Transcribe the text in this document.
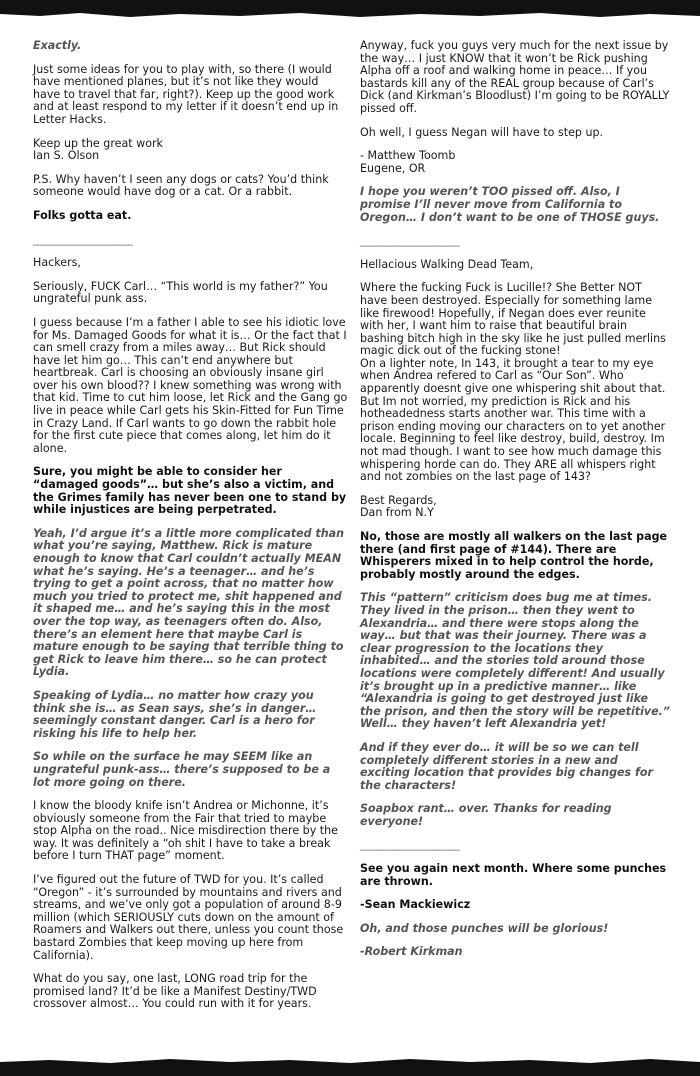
Exactly.

Just some ideas for you to play with, so there (I would have mentioned planes, but it’s not like they would have to travel that far, right?). Keep up the good work and at least respond to my letter if it doesn’t end up in Letter Hacks.

Keep up the great work
Ian S. Olson

P.S. Why haven’t I seen any dogs or cats? You’d think someone would have dog or a cat. Or a rabbit.

Folks gotta eat.

__________________

Hackers,

Seriously, FUCK Carl… “This world is my father?” You ungrateful punk ass.

I guess because I’m a father I able to see his idiotic love for Ms. Damaged Goods for what it is… Or the fact that I can smell crazy from a miles away… But Rick should have let him go… This can’t end anywhere but heartbreak. Carl is choosing an obviously insane girl over his own blood?? I knew something was wrong with that kid. Time to cut him loose, let Rick and the Gang go live in peace while Carl gets his Skin-Fitted for Fun Time in Crazy Land. If Carl wants to go down the rabbit hole for the first cute piece that comes along, let him do it alone.

Sure, you might be able to consider her “damaged goods”… but she’s also a victim, and the Grimes family has never been one to stand by while injustices are being perpetrated.

Yeah, I’d argue it’s a little more complicated than what you’re saying, Matthew. Rick is mature enough to know that Carl couldn’t actually MEAN what he’s saying. He’s a teenager… and he’s trying to get a point across, that no matter how much you tried to protect me, shit happened and it shaped me… and he’s saying this in the most over the top way, as teenagers often do. Also, there’s an element here that maybe Carl is mature enough to be saying that terrible thing to get Rick to leave him there… so he can protect Lydia.

Speaking of Lydia… no matter how crazy you think she is… as Sean says, she’s in danger… seemingly constant danger. Carl is a hero for risking his life to help her.

So while on the surface he may SEEM like an ungrateful punk-ass… there’s supposed to be a lot more going on there.

I know the bloody knife isn’t Andrea or Michonne, it’s obviously someone from the Fair that tried to maybe stop Alpha on the road.. Nice misdirection there by the way. It was definitely a “oh shit I have to take a break before I turn THAT page” moment.

I’ve figured out the future of TWD for you. It’s called “Oregon” - it’s surrounded by mountains and rivers and streams, and we’ve only got a population of around 8-9 million (which SERIOUSLY cuts down on the amount of Roamers and Walkers out there, unless you count those bastard Zombies that keep moving up here from California).

What do you say, one last, LONG road trip for the promised land? It’d be like a Manifest Destiny/TWD crossover almost… You could run with it for years.

Anyway, fuck you guys very much for the next issue by the way… I just KNOW that it won’t be Rick pushing Alpha off a roof and walking home in peace… If you bastards kill any of the REAL group because of Carl’s Dick (and Kirkman’s Bloodlust) I’m going to be ROYALLY pissed off.

Oh well, I guess Negan will have to step up.

- Matthew Toomb
Eugene, OR

I hope you weren’t TOO pissed off. Also, I promise I’ll never move from California to Oregon… I don’t want to be one of THOSE guys.

__________________

Hellacious Walking Dead Team,

Where the fucking Fuck is Lucille!? She Better NOT have been destroyed. Especially for something lame like firewood! Hopefully, if Negan does ever reunite with her, I want him to raise that beautiful brain bashing bitch high in the sky like he just pulled merlins magic dick out of the fucking stone!
On a lighter note, In 143, it brought a tear to my eye when Andrea refered to Carl as “Our Son”. Who apparently doesnt give one whispering shit about that. But Im not worried, my prediction is Rick and his hotheadedness starts another war. This time with a prison ending moving our characters on to yet another locale. Beginning to feel like destroy, build, destroy. Im not mad though. I want to see how much damage this whispering horde can do. They ARE all whispers right and not zombies on the last page of 143?

Best Regards,
Dan from N.Y

No, those are mostly all walkers on the last page there (and first page of #144). There are Whisperers mixed in to help control the horde, probably mostly around the edges.

This “pattern” criticism does bug me at times. They lived in the prison… then they went to Alexandria… and there were stops along the way… but that was their journey. There was a clear progression to the locations they inhabited… and the stories told around those locations were completely different! And usually it’s brought up in a predictive manner… like “Alexandria is going to get destroyed just like the prison, and then the story will be repetitive.” Well… they haven’t left Alexandria yet!

And if they ever do… it will be so we can tell completely different stories in a new and exciting location that provides big changes for the characters!

Soapbox rant… over. Thanks for reading everyone!

__________________

See you again next month. Where some punches are thrown.

-Sean Mackiewicz

Oh, and those punches will be glorious!

-Robert Kirkman
